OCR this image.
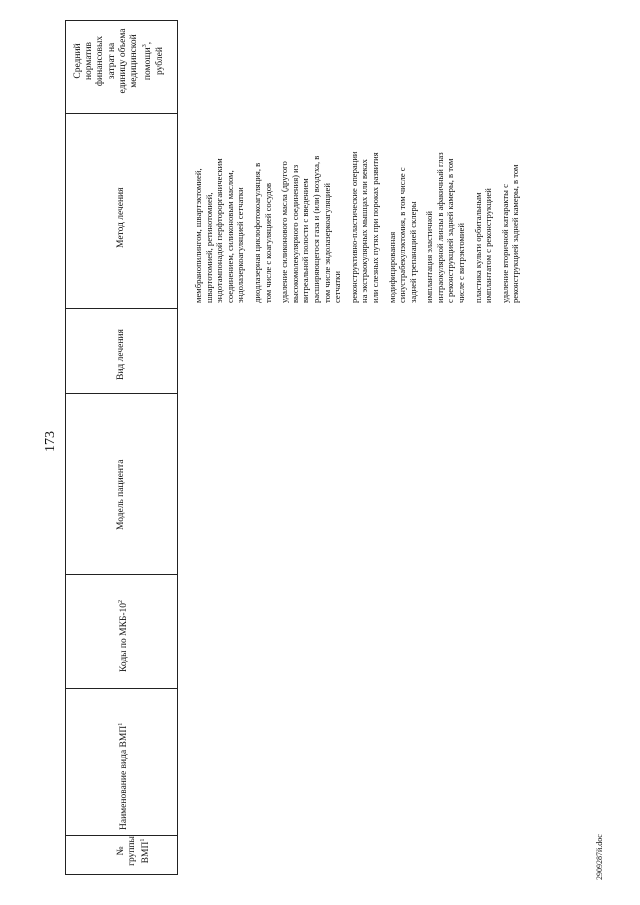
173
2909287й.doc
№ группы ВМП$^1$
Наименование вида ВМП$^1$
Коды по МКБ-$10^2$
Модель пациента
Вид лечения
Метод лечения
Средний норматив финансовых затрат на единицу объема медицинской помощи$^3$,
рублей
мембранопилингом, швартэктомией, швартотомией, ретинотомией, эндотампонадой перфторорганическим соединением, силиконовым маслом, эндолазеркоагуляцией сетчатки
диодлазерная циклофотокоагуляция, в том числе с коагуляцией сосудов
удаление силиконового масла (другого высокомолекулярного соединения) из витреальной полости с введением расширяющегося газа и (или) воздуха, в том числе эндолазеркоагуляцией сетчатки
реконструктивно-пластические операции на экстраокулярных мышцах или веках или слезных путях при пороках развития
модифицированная синустрабекулэктомия, в том числе с задней трепанацией склеры
имплантация эластичной интраокулярной линзы в афакичный глаз с реконструкцией задней камеры, в том числе с витрэктомией
пластика культи орбитальным имплантатом с реконструкцией
удаление вторичной катаракты с реконструкцией задней камеры, в том
